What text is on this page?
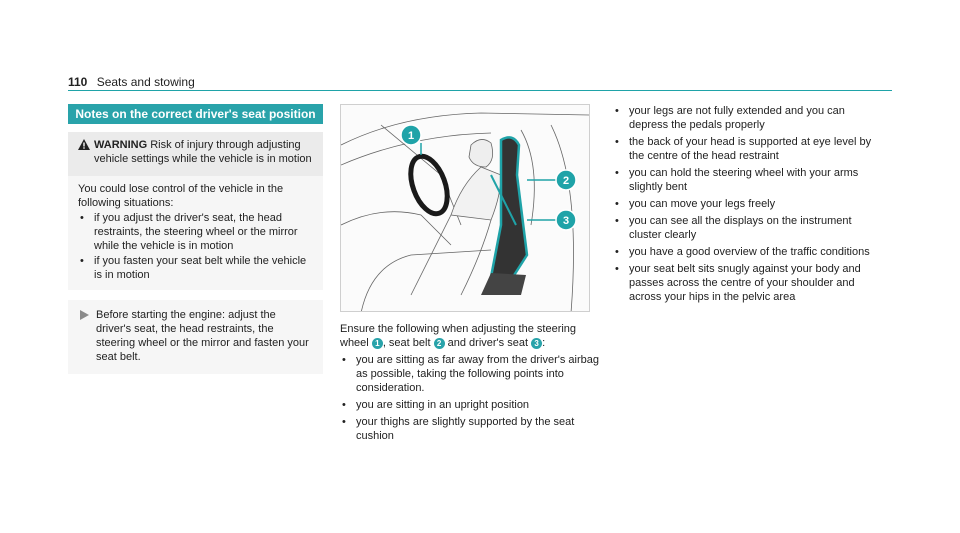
110 Seats and stowing
Notes on the correct driver's seat position
WARNING Risk of injury through adjusting vehicle settings while the vehicle is in motion
You could lose control of the vehicle in the following situations:
• if you adjust the driver's seat, the head restraints, the steering wheel or the mirror while the vehicle is in motion
• if you fasten your seat belt while the vehicle is in motion
Before starting the engine: adjust the driver's seat, the head restraints, the steering wheel or the mirror and fasten your seat belt.
1
2
3
Ensure the following when adjusting the steering wheel 1 , seat belt 2 and driver's seat 3 :
• you are sitting as far away from the driver's airbag as possible, taking the following points into consideration.
• you are sitting in an upright position
• your thighs are slightly supported by the seat cushion
• your legs are not fully extended and you can depress the pedals properly
• the back of your head is supported at eye level by the centre of the head restraint
• you can hold the steering wheel with your arms slightly bent
• you can move your legs freely
• you can see all the displays on the instrument cluster clearly
• you have a good overview of the traffic conditions
• your seat belt sits snugly against your body and passes across the centre of your shoulder and across your hips in the pelvic area
